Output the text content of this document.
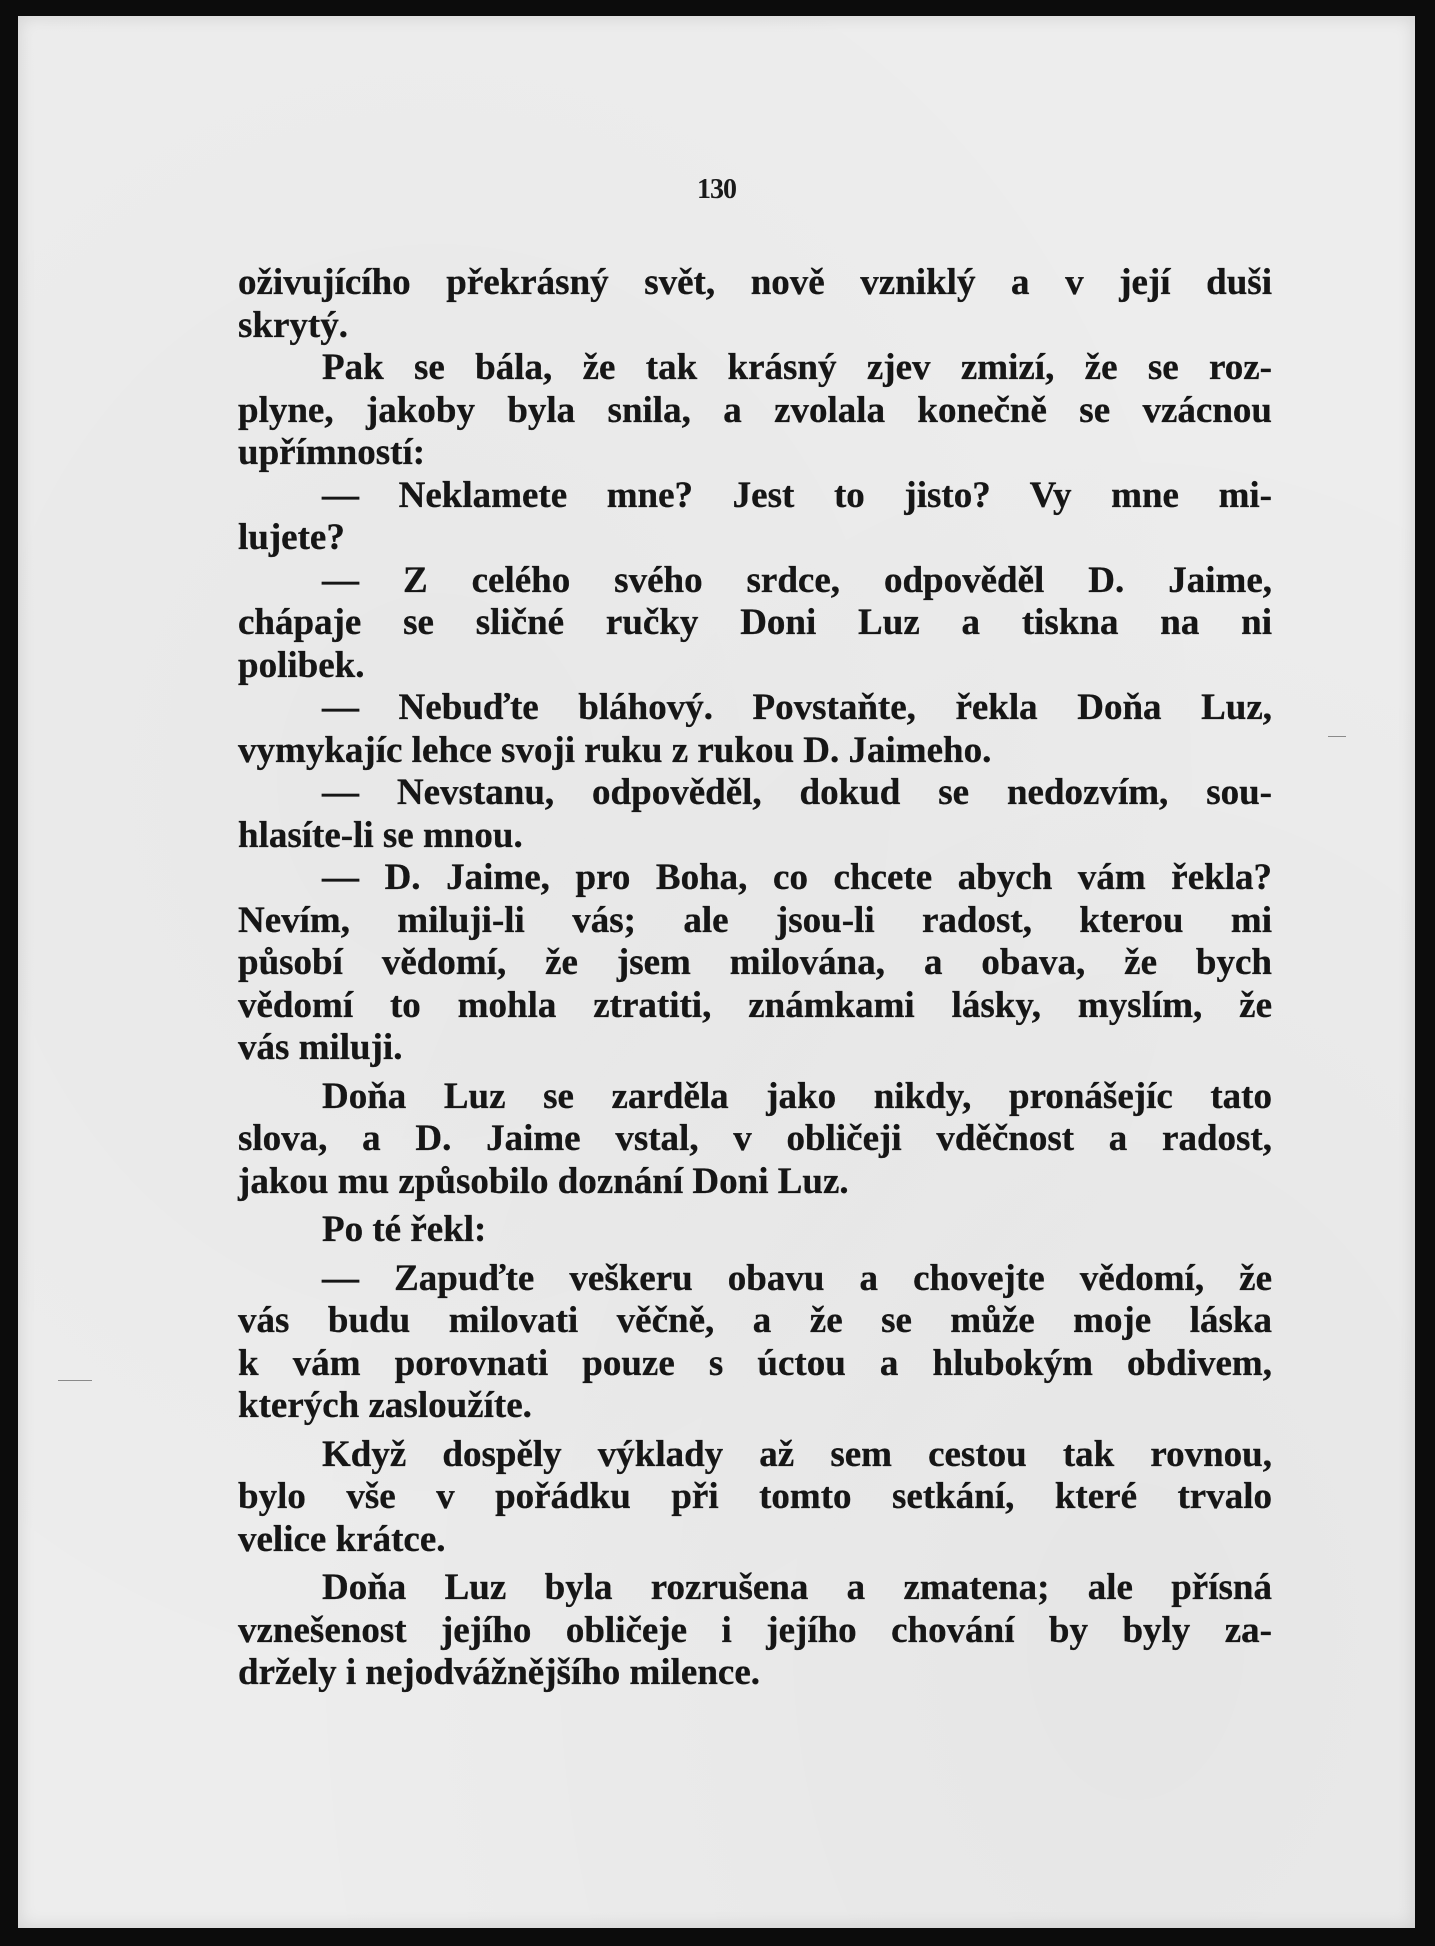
130
oživujícího překrásný svět, nově vzniklý a v její duši
skrytý.
Pak se bála, že tak krásný zjev zmizí, že se roz-
plyne, jakoby byla snila, a zvolala konečně se vzácnou
upřímností:
— Neklamete mne? Jest to jisto? Vy mne mi-
lujete?
— Z celého svého srdce, odpověděl D. Jaime,
chápaje se sličné ručky Doni Luz a tiskna na ni
polibek.
— Nebuďte bláhový. Povstaňte, řekla Doňa Luz,
vymykajíc lehce svoji ruku z rukou D. Jaimeho.
— Nevstanu, odpověděl, dokud se nedozvím, sou-
hlasíte-li se mnou.
— D. Jaime, pro Boha, co chcete abych vám řekla?
Nevím, miluji-li vás; ale jsou-li radost, kterou mi
působí vědomí, že jsem milována, a obava, že bych
vědomí to mohla ztratiti, známkami lásky, myslím, že
vás miluji.
Doňa Luz se zarděla jako nikdy, pronášejíc tato
slova, a D. Jaime vstal, v obličeji vděčnost a radost,
jakou mu způsobilo doznání Doni Luz.
Po té řekl:
— Zapuďte veškeru obavu a chovejte vědomí, že
vás budu milovati věčně, a že se může moje láska
k vám porovnati pouze s úctou a hlubokým obdivem,
kterých zasloužíte.
Když dospěly výklady až sem cestou tak rovnou,
bylo vše v pořádku při tomto setkání, které trvalo
velice krátce.
Doňa Luz byla rozrušena a zmatena; ale přísná
vznešenost jejího obličeje i jejího chování by byly za-
držely i nejodvážnějšího milence.
